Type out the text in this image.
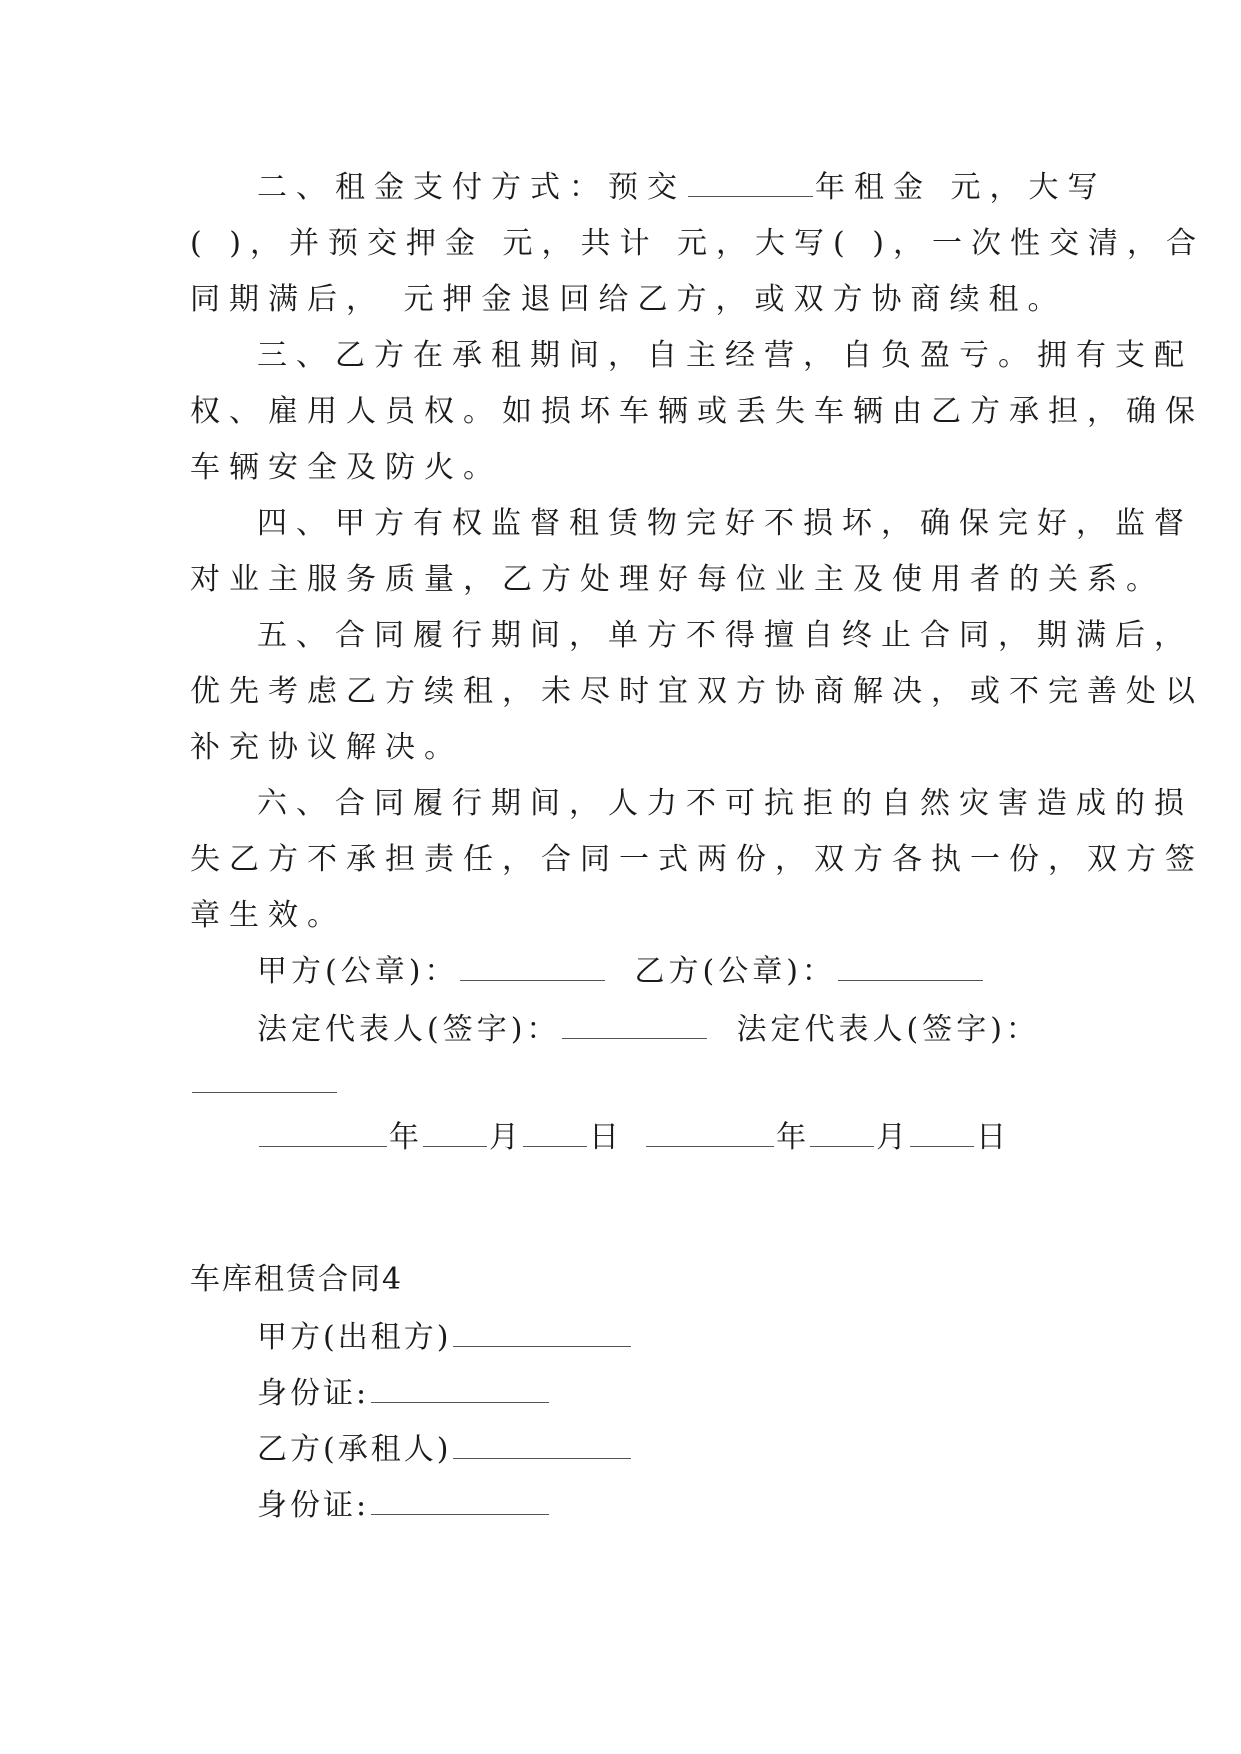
二、租金支付方式：预交	年租金 元，大写
( )，并预交押金 元，共计 元，大写( )，一次性交清，合
同期满后， 元押金退回给乙方，或双方协商续租。
三、乙方在承租期间，自主经营，自负盈亏。拥有支配
权、雇用人员权。如损坏车辆或丢失车辆由乙方承担，确保
车辆安全及防火。
四、甲方有权监督租赁物完好不损坏，确保完好，监督
对业主服务质量，乙方处理好每位业主及使用者的关系。
五、合同履行期间，单方不得擅自终止合同，期满后，
优先考虑乙方续租，未尽时宜双方协商解决，或不完善处以
补充协议解决。
六、合同履行期间，人力不可抗拒的自然灾害造成的损
失乙方不承担责任，合同一式两份，双方各执一份，双方签
章生效。
甲方(公章)：	乙方(公章)：
法定代表人(签字)：	法定代表人(签字)：
年 月 日	年 月 日
车库租赁合同4
甲方(出租方)
身份证:
乙方(承租人)
身份证:
